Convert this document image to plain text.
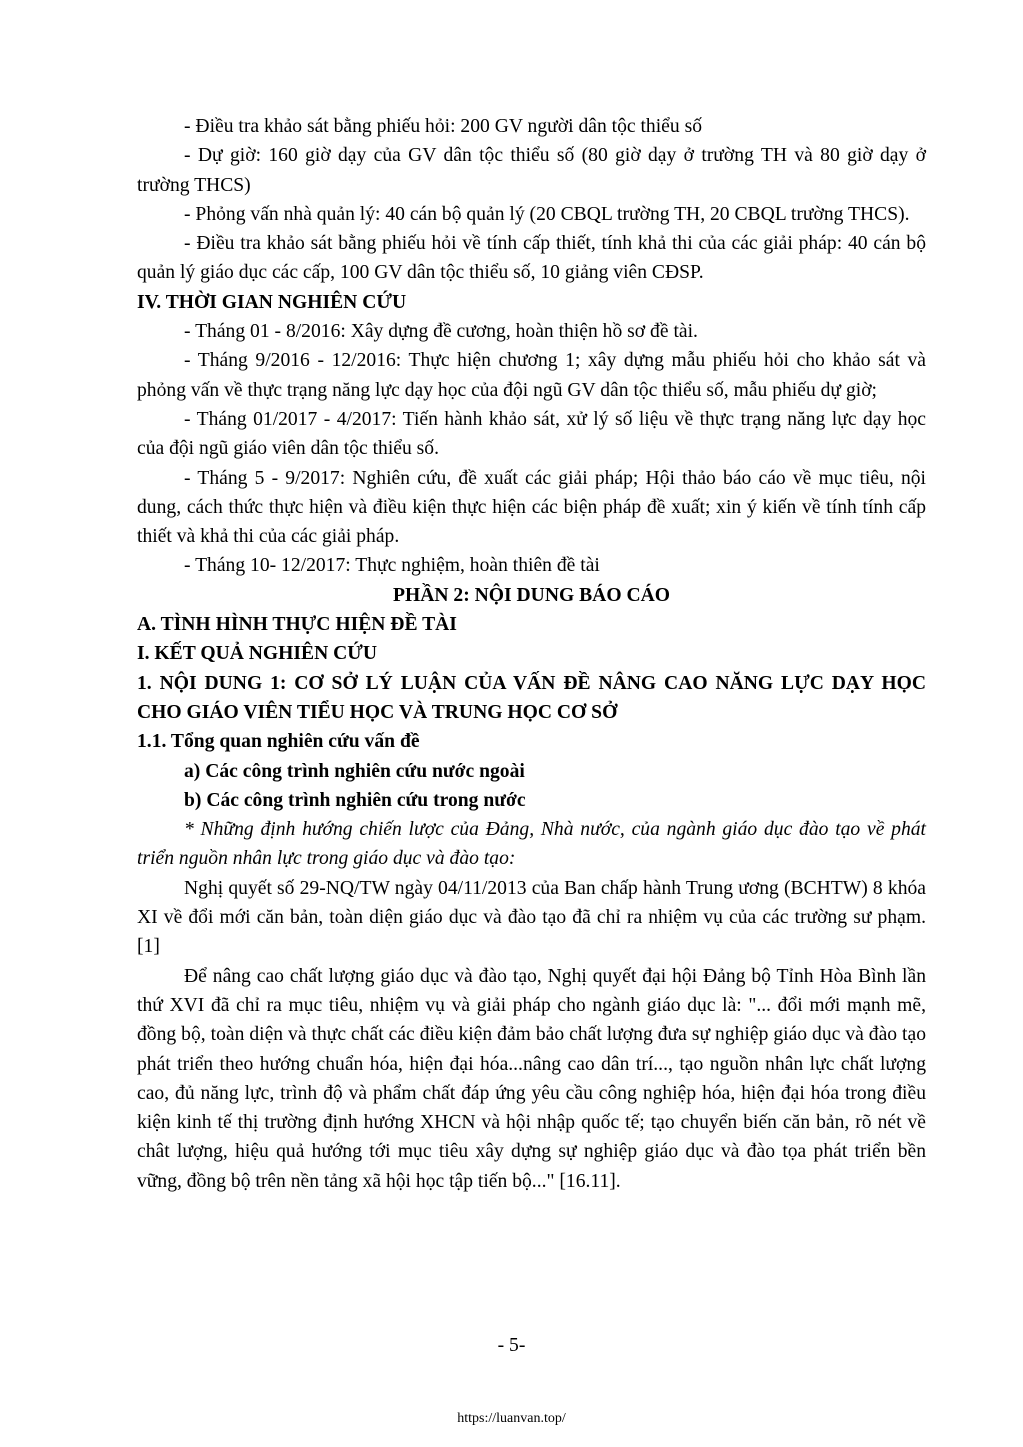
- Điều tra khảo sát bằng phiếu hỏi: 200 GV người dân tộc thiểu số

- Dự giờ: 160 giờ dạy của GV dân tộc thiểu số (80 giờ dạy ở trường TH và 80 giờ dạy ở trường THCS)

- Phỏng vấn nhà quản lý: 40 cán bộ quản lý (20 CBQL trường TH, 20 CBQL trường THCS).

- Điều tra khảo sát bằng phiếu hỏi về tính cấp thiết, tính khả thi của các giải pháp: 40 cán bộ quản lý giáo dục các cấp, 100 GV dân tộc thiểu số, 10 giảng viên CĐSP.

IV. THỜI GIAN NGHIÊN CỨU

- Tháng 01 - 8/2016: Xây dựng đề cương, hoàn thiện hồ sơ đề tài.

- Tháng 9/2016 - 12/2016: Thực hiện chương 1; xây dựng mẫu phiếu hỏi cho khảo sát và phỏng vấn về thực trạng năng lực dạy học của đội ngũ GV dân tộc thiểu số, mẫu phiếu dự giờ;

- Tháng 01/2017 - 4/2017: Tiến hành khảo sát, xử lý số liệu về thực trạng năng lực dạy học của đội ngũ giáo viên dân tộc thiểu số.

- Tháng 5 - 9/2017: Nghiên cứu, đề xuất các giải pháp; Hội thảo báo cáo về mục tiêu, nội dung, cách thức thực hiện và điều kiện thực hiện các biện pháp đề xuất; xin ý kiến về tính tính cấp thiết và khả thi của các giải pháp.

- Tháng 10- 12/2017: Thực nghiệm, hoàn thiên đề tài

PHẦN 2: NỘI DUNG BÁO CÁO

A. TÌNH HÌNH THỰC HIỆN ĐỀ TÀI

I. KẾT QUẢ NGHIÊN CỨU

1. NỘI DUNG 1: CƠ SỞ LÝ LUẬN CỦA VẤN ĐỀ NÂNG CAO NĂNG LỰC DẠY HỌC CHO GIÁO VIÊN TIỂU HỌC VÀ TRUNG HỌC CƠ SỞ

1.1. Tổng quan nghiên cứu vấn đề

a) Các công trình nghiên cứu nước ngoài

b) Các công trình nghiên cứu trong nước

* Những định hướng chiến lược của Đảng, Nhà nước, của ngành giáo dục đào tạo về phát triển nguồn nhân lực trong giáo dục và đào tạo:

Nghị quyết số 29-NQ/TW ngày 04/11/2013 của Ban chấp hành Trung ương (BCHTW) 8 khóa XI về đổi mới căn bản, toàn diện giáo dục và đào tạo đã chỉ ra nhiệm vụ của các trường sư phạm. [1]

Để nâng cao chất lượng giáo dục và đào tạo, Nghị quyết đại hội Đảng bộ Tỉnh Hòa Bình lần thứ XVI đã chỉ ra mục tiêu, nhiệm vụ và giải pháp cho ngành giáo dục là: "... đổi mới mạnh mẽ, đồng bộ, toàn diện và thực chất các điều kiện đảm bảo chất lượng đưa sự nghiệp giáo dục và đào tạo phát triển theo hướng chuẩn hóa, hiện đại hóa...nâng cao dân trí..., tạo nguồn nhân lực chất lượng cao, đủ năng lực, trình độ và phẩm chất đáp ứng yêu cầu công nghiệp hóa, hiện đại hóa trong điều kiện kinh tế thị trường định hướng XHCN và hội nhập quốc tế; tạo chuyển biến căn bản, rõ nét về chât lượng, hiệu quả hướng tới mục tiêu xây dựng sự nghiệp giáo dục và đào tọa phát triển bền vững, đồng bộ trên nền tảng xã hội học tập tiến bộ..." [16.11].

- 5-
https://luanvan.top/
